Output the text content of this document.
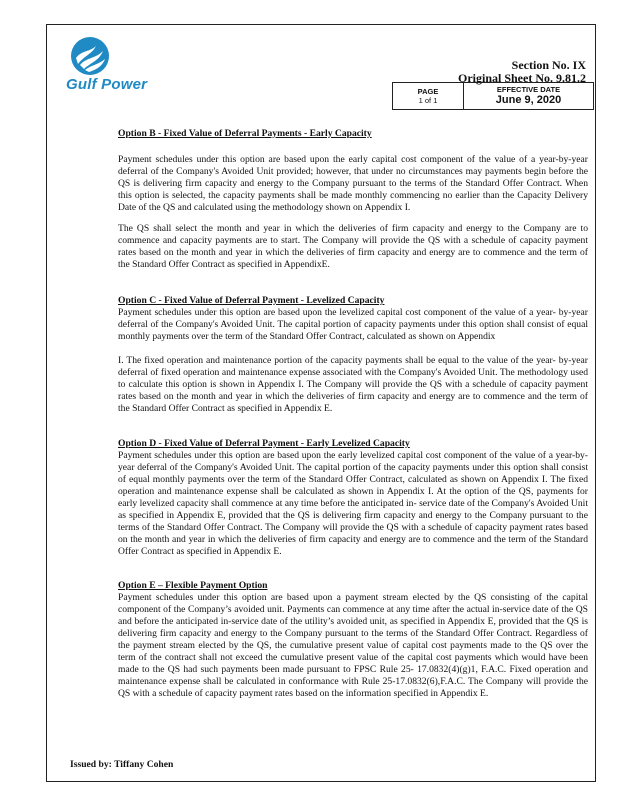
Gulf Power
Section No. IX
Original Sheet No. 9.81.2
PAGE
1 of 1

EFFECTIVE DATE
June 9, 2020
Option B - Fixed Value of Deferral Payments - Early Capacity
Payment schedules under this option are based upon the early capital cost component of the value of a year-by-year deferral of the Company's Avoided Unit provided; however, that under no circumstances may payments begin before the QS is delivering firm capacity and energy to the Company pursuant to the terms of the Standard Offer Contract. When this option is selected, the capacity payments shall be made monthly commencing no earlier than the Capacity Delivery Date of the QS and calculated using the methodology shown on Appendix I.
The QS shall select the month and year in which the deliveries of firm capacity and energy to the Company are to commence and capacity payments are to start. The Company will provide the QS with a schedule of capacity payment rates based on the month and year in which the deliveries of firm capacity and energy are to commence and the term of the Standard Offer Contract as specified in AppendixE.
Option C - Fixed Value of Deferral Payment - Levelized Capacity
Payment schedules under this option are based upon the levelized capital cost component of the value of a year- by-year deferral of the Company's Avoided Unit. The capital portion of capacity payments under this option shall consist of equal monthly payments over the term of the Standard Offer Contract, calculated as shown on Appendix
I. The fixed operation and maintenance portion of the capacity payments shall be equal to the value of the year- by-year deferral of fixed operation and maintenance expense associated with the Company's Avoided Unit. The methodology used to calculate this option is shown in Appendix I. The Company will provide the QS with a schedule of capacity payment rates based on the month and year in which the deliveries of firm capacity and energy are to commence and the term of the Standard Offer Contract as specified in Appendix E.
Option D - Fixed Value of Deferral Payment - Early Levelized Capacity
Payment schedules under this option are based upon the early levelized capital cost component of the value of a year-by-year deferral of the Company's Avoided Unit. The capital portion of the capacity payments under this option shall consist of equal monthly payments over the term of the Standard Offer Contract, calculated as shown on Appendix I. The fixed operation and maintenance expense shall be calculated as shown in Appendix I. At the option of the QS, payments for early levelized capacity shall commence at any time before the anticipated in- service date of the Company's Avoided Unit as specified in Appendix E, provided that the QS is delivering firm capacity and energy to the Company pursuant to the terms of the Standard Offer Contract. The Company will provide the QS with a schedule of capacity payment rates based on the month and year in which the deliveries of firm capacity and energy are to commence and the term of the Standard Offer Contract as specified in Appendix E.
Option E – Flexible Payment Option
Payment schedules under this option are based upon a payment stream elected by the QS consisting of the capital component of the Company’s avoided unit. Payments can commence at any time after the actual in-service date of the QS and before the anticipated in-service date of the utility’s avoided unit, as specified in Appendix E, provided that the QS is delivering firm capacity and energy to the Company pursuant to the terms of the Standard Offer Contract. Regardless of the payment stream elected by the QS, the cumulative present value of capital cost payments made to the QS over the term of the contract shall not exceed the cumulative present value of the capital cost payments which would have been made to the QS had such payments been made pursuant to FPSC Rule 25- 17.0832(4)(g)1, F.A.C. Fixed operation and maintenance expense shall be calculated in conformance with Rule 25-17.0832(6),F.A.C. The Company will provide the QS with a schedule of capacity payment rates based on the information specified in Appendix E.
Issued by: Tiffany Cohen
